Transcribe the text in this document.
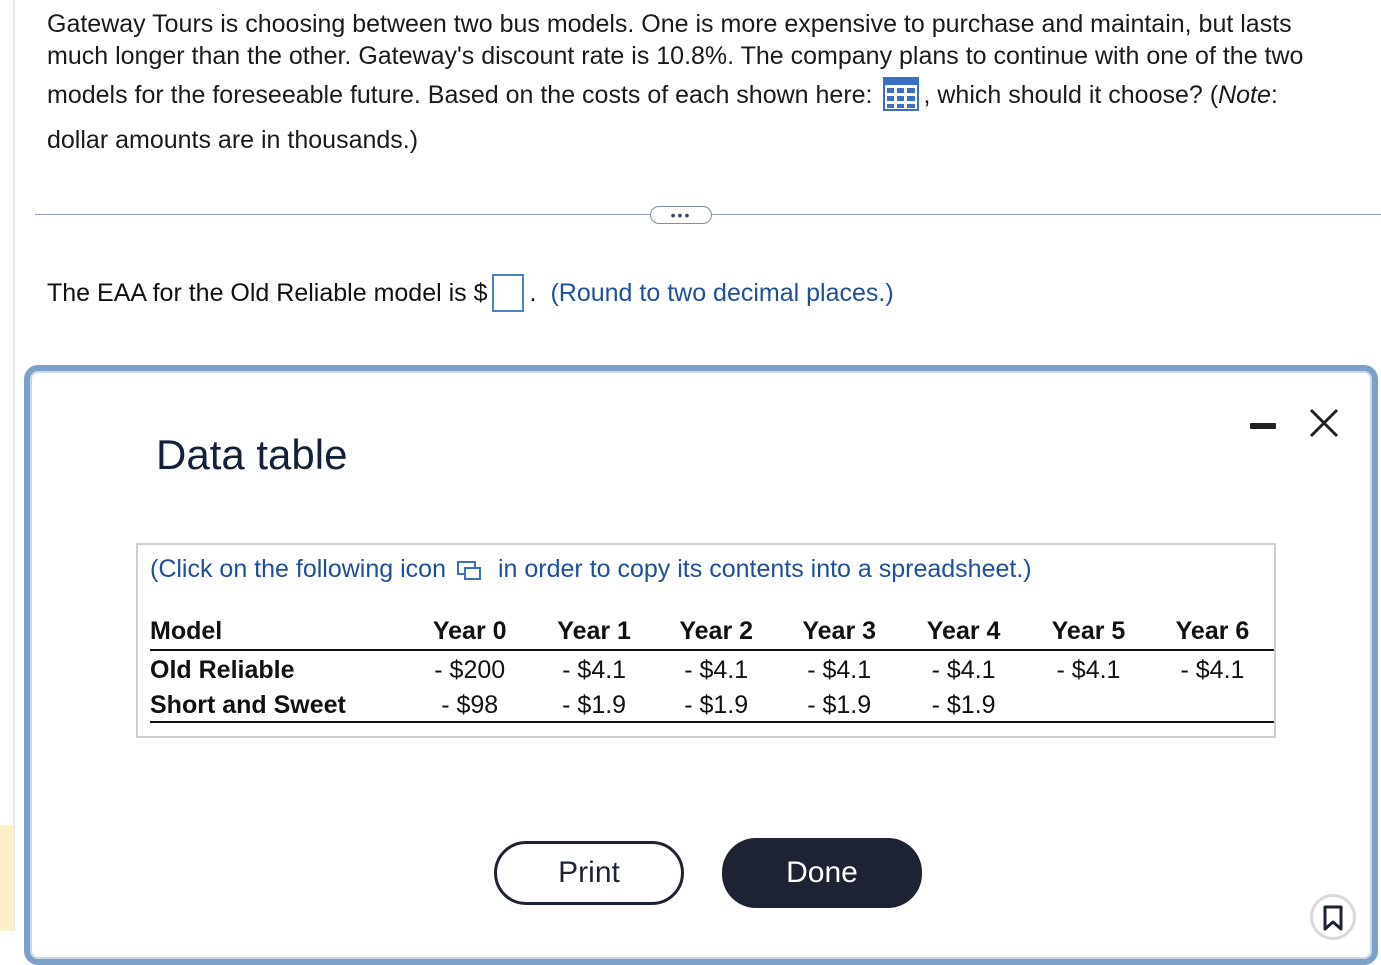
Gateway Tours is choosing between two bus models. One is more expensive to purchase and maintain, but lasts
much longer than the other. Gateway's discount rate is 10.8%. The company plans to continue with one of the two
models for the foreseeable future. Based on the costs of each shown here: , which should it choose? (Note:
dollar amounts are in thousands.)
•••
The EAA for the Old Reliable model is $ . (Round to two decimal places.)
Data table
(Click on the following icon in order to copy its contents into a spreadsheet.)
Model	Year 0	Year 1	Year 2	Year 3	Year 4	Year 5	Year 6
Old Reliable	- $200	- $4.1	- $4.1	- $4.1	- $4.1	- $4.1	- $4.1
Short and Sweet	- $98	- $1.9	- $1.9	- $1.9	- $1.9		
Print	Done
